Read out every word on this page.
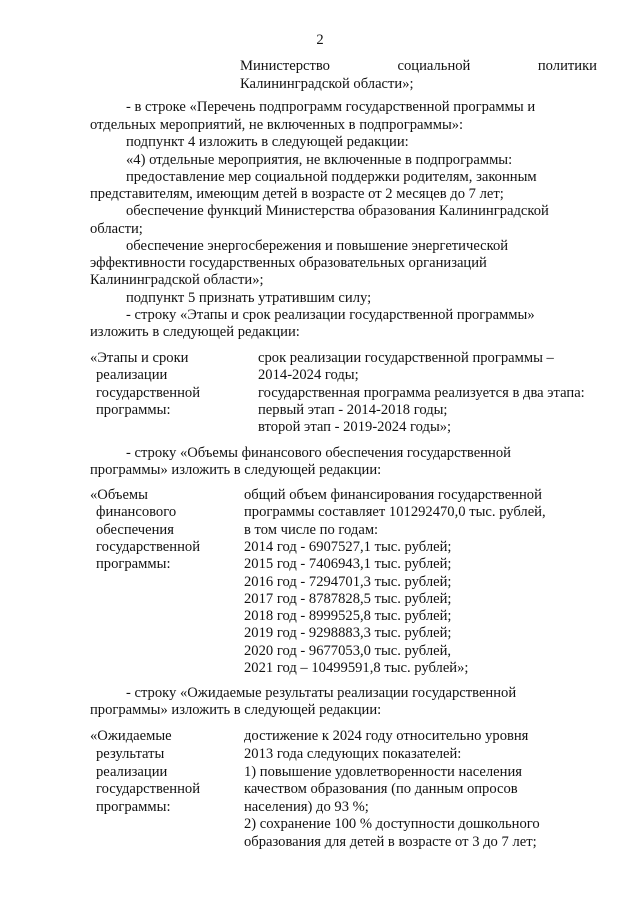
2
Министерство	социальной	политики
Калининградской области»;
- в строке «Перечень подпрограмм государственной программы и
отдельных мероприятий, не включенных в подпрограммы»:
подпункт 4 изложить в следующей редакции:
«4) отдельные мероприятия, не включенные в подпрограммы:
предоставление мер социальной поддержки родителям, законным
представителям, имеющим детей в возрасте от 2 месяцев до 7 лет;
обеспечение функций Министерства образования Калининградской
области;
обеспечение энергосбережения и повышение энергетической
эффективности государственных образовательных организаций
Калининградской области»;
подпункт 5 признать утратившим силу;
- строку «Этапы и срок реализации государственной программы»
изложить в следующей редакции:
«Этапы и сроки
реализации
государственной
программы:
срок реализации государственной программы –
2014-2024 годы;
государственная программа реализуется в два этапа:
первый этап - 2014-2018 годы;
второй этап - 2019-2024 годы»;
- строку «Объемы финансового обеспечения государственной
программы» изложить в следующей редакции:
«Объемы
финансового
обеспечения
государственной
программы:
общий объем финансирования государственной
программы составляет 101292470,0 тыс. рублей,
в том числе по годам:
2014 год - 6907527,1 тыс. рублей;
2015 год - 7406943,1 тыс. рублей;
2016 год - 7294701,3 тыс. рублей;
2017 год - 8787828,5 тыс. рублей;
2018 год - 8999525,8 тыс. рублей;
2019 год - 9298883,3 тыс. рублей;
2020 год - 9677053,0 тыс. рублей,
2021 год – 10499591,8 тыс. рублей»;
- строку «Ожидаемые результаты реализации государственной
программы» изложить в следующей редакции:
«Ожидаемые
результаты
реализации
государственной
программы:
достижение к 2024 году относительно уровня
2013 года следующих показателей:
1) повышение удовлетворенности населения
качеством образования (по данным опросов
населения) до 93 %;
2) сохранение 100 % доступности дошкольного
образования для детей в возрасте от 3 до 7 лет;
